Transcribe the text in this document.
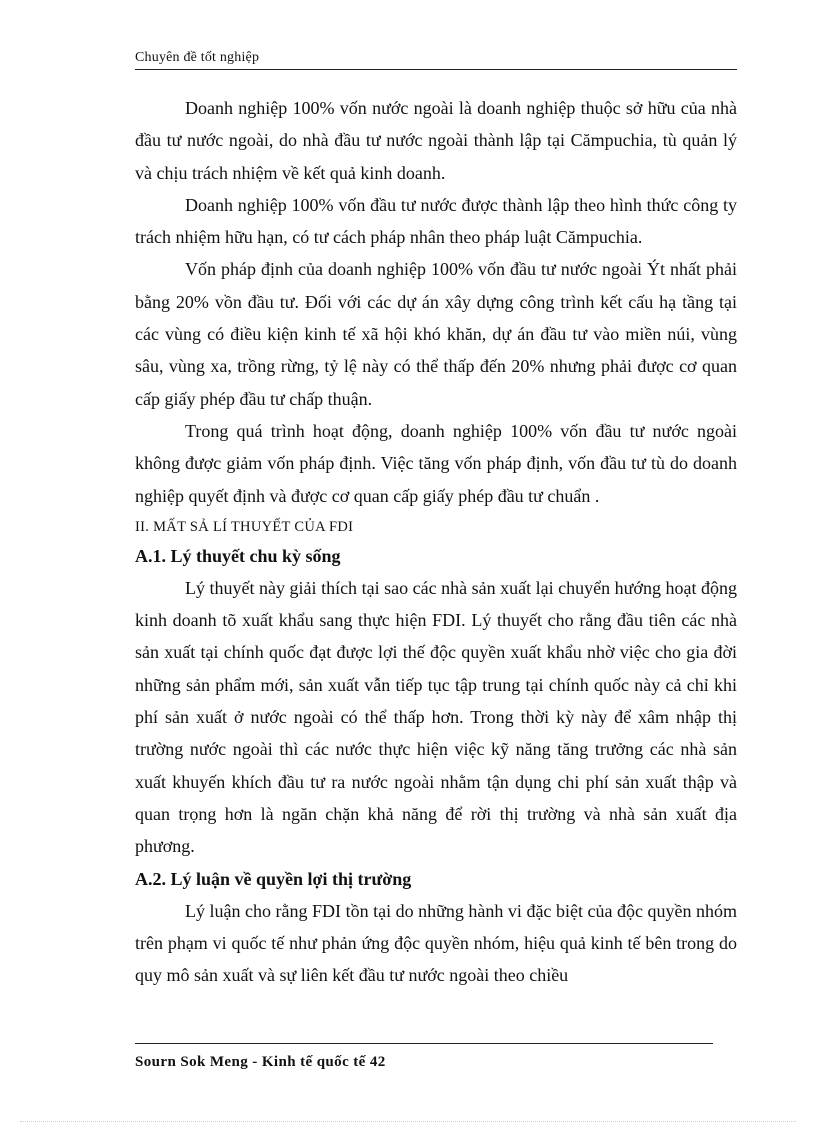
Chuyên đề tốt nghiệp

Doanh nghiệp 100% vốn nước ngoài là doanh nghiệp thuộc sở hữu của nhà đầu tư nước ngoài, do nhà đầu tư nước ngoài thành lập tại Cămpuchia, tù quản lý và chịu trách nhiệm về kết quả kinh doanh.

Doanh nghiệp 100% vốn đầu tư nước được thành lập theo hình thức công ty trách nhiệm hữu hạn, có tư cách pháp nhân theo pháp luật Cămpuchia.

Vốn pháp định của doanh nghiệp 100% vốn đầu tư nước ngoài Ýt nhất phải bằng 20% vồn đầu tư. Đối với các dự án xây dựng công trình kết cấu hạ tầng tại các vùng có điều kiện kinh tế xã hội khó khăn, dự án đầu tư vào miền núi, vùng sâu, vùng xa, trồng rừng, tỷ lệ này có thể thấp đến 20% nhưng phải được cơ quan cấp giấy phép đầu tư chấp thuận.

Trong quá trình hoạt động, doanh nghiệp 100% vốn đầu tư nước ngoài không được giảm vốn pháp định. Việc tăng vốn pháp định, vốn đầu tư tù do doanh nghiệp quyết định và được cơ quan cấp giấy phép đầu tư chuẩn .

II. MẤT SẢ LÍ THUYẾT CỦA FDI

A.1. Lý thuyết chu kỳ sống

Lý thuyết này giải thích tại sao các nhà sản xuất lại chuyển hướng hoạt động kinh doanh tõ xuất khẩu sang thực hiện FDI. Lý thuyết cho rằng đầu tiên các nhà sản xuất tại chính quốc đạt được lợi thế độc quyền xuất khẩu nhờ việc cho gia đời những sản phẩm mới, sản xuất vẫn tiếp tục tập trung tại chính quốc này cả chỉ khi phí sản xuất ở nước ngoài có thể thấp hơn. Trong thời kỳ này để xâm nhập thị trường nước ngoài thì các nước thực hiện việc kỹ năng tăng trưởng các nhà sản xuất khuyến khích đầu tư ra nước ngoài nhằm tận dụng chi phí sản xuất thập và quan trọng hơn là ngăn chặn khả năng để rời thị trường và nhà sản xuất địa phương.

A.2. Lý luận về quyền lợi thị trường

Lý luận cho rằng FDI tồn tại do những hành vi đặc biệt của độc quyền nhóm trên phạm vi quốc tế như phản ứng độc quyền nhóm, hiệu quả kinh tế bên trong do quy mô sản xuất và sự liên kết đầu tư nước ngoài theo chiều

Sourn Sok Meng - Kinh tế quốc tế 42
